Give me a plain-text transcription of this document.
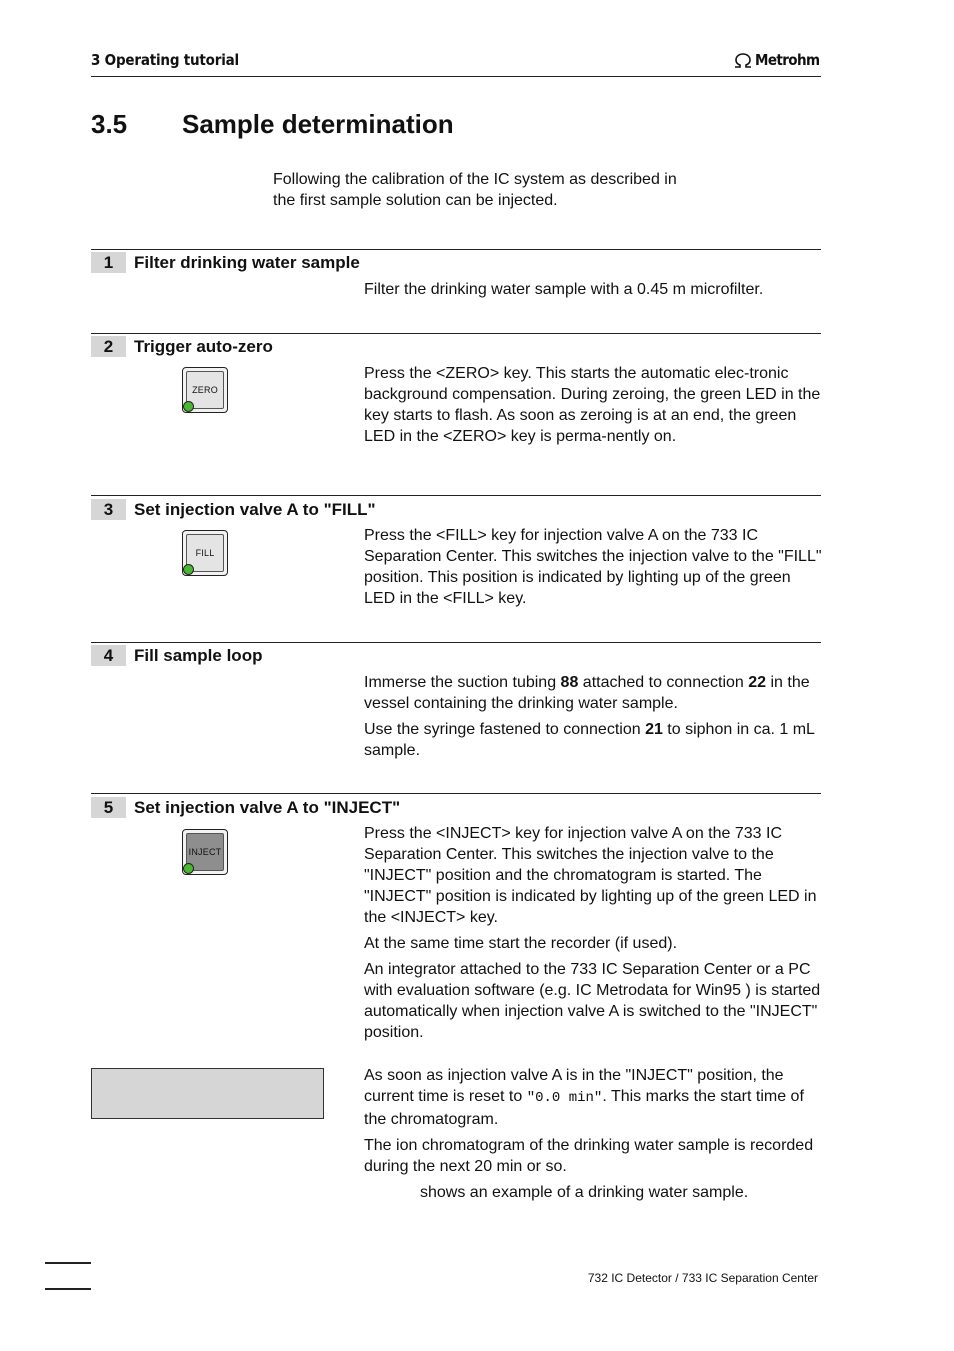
3 Operating tutorial	Metrohm
3.5 Sample determination
Following the calibration of the IC system as described in
the first sample solution can be injected.
1	Filter drinking water sample

Filter the drinking water sample with a 0.45 m microfilter.

2	Trigger auto-zero
ZERO

Press the <ZERO> key. This starts the automatic elec-tronic background compensation. During zeroing, the green LED in the key starts to flash. As soon as zeroing is at an end, the green LED in the <ZERO> key is perma-nently on.

3	Set injection valve A to "FILL"
FILL

Press the <FILL> key for injection valve A on the 733 IC Separation Center. This switches the injection valve to the "FILL" position. This position is indicated by lighting up of the green LED in the <FILL> key.

4	Fill sample loop

Immerse the suction tubing 88 attached to connection 22 in the vessel containing the drinking water sample.

Use the syringe fastened to connection 21 to siphon in ca. 1 mL sample.

5	Set injection valve A to "INJECT"
INJECT

Press the <INJECT> key for injection valve A on the 733 IC Separation Center. This switches the injection valve to the "INJECT" position and the chromatogram is started. The "INJECT" position is indicated by lighting up of the green LED in the <INJECT> key.

At the same time start the recorder (if used).

An integrator attached to the 733 IC Separation Center or a PC with evaluation software (e.g. IC Metrodata for Win95 ) is started automatically when injection valve A is switched to the "INJECT" position.

As soon as injection valve A is in the "INJECT" position, the current time is reset to "0.0 min". This marks the start time of the chromatogram.

The ion chromatogram of the drinking water sample is recorded during the next 20 min or so.

shows an example of a drinking water sample.

732 IC Detector / 733 IC Separation Center
